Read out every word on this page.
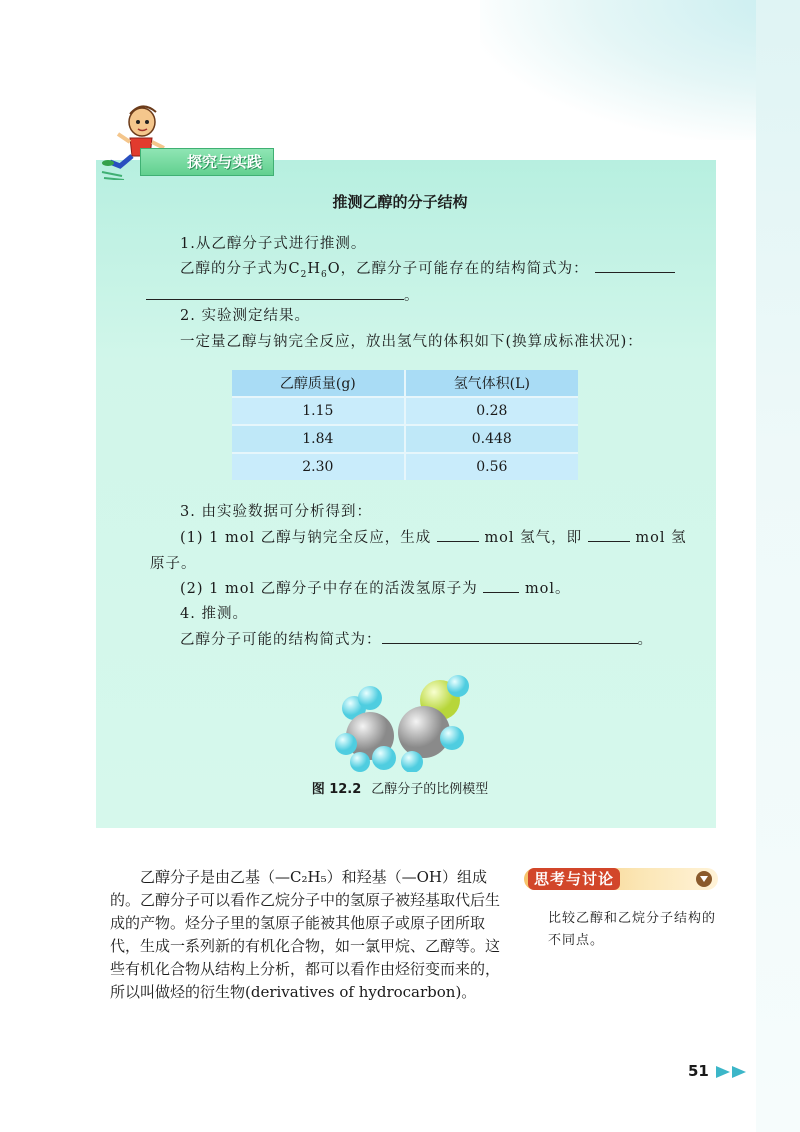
探究与实践
推测乙醇的分子结构
1.从乙醇分子式进行推测。
乙醇的分子式为$C_2H_6O$，乙醇分子可能存在的结构简式为：
。
2. 实验测定结果。
一定量乙醇与钠完全反应，放出氢气的体积如下(换算成标准状况)：
乙醇质量(g)	氢气体积(L)
1.15	0.28
1.84	0.448
2.30	0.56
3. 由实验数据可分析得到：
(1) 1 mol 乙醇与钠完全反应，生成	mol 氢气，即	mol 氢
原子。
(2) 1 mol 乙醇分子中存在的活泼氢原子为	mol。
4. 推测。
乙醇分子可能的结构简式为：	。
图 12.2 乙醇分子的比例模型

乙醇分子是由乙基（—C₂H₅）和羟基（—OH）组成的。乙醇分子可以看作乙烷分子中的氢原子被羟基取代后生成的产物。烃分子里的氢原子能被其他原子或原子团所取代，生成一系列新的有机化合物，如一氯甲烷、乙醇等。这些有机化合物从结构上分析，都可以看作由烃衍变而来的，所以叫做烃的衍生物(derivatives of hydrocarbon)。

思考与讨论
比较乙醇和乙烷分子结构的不同点。
51
